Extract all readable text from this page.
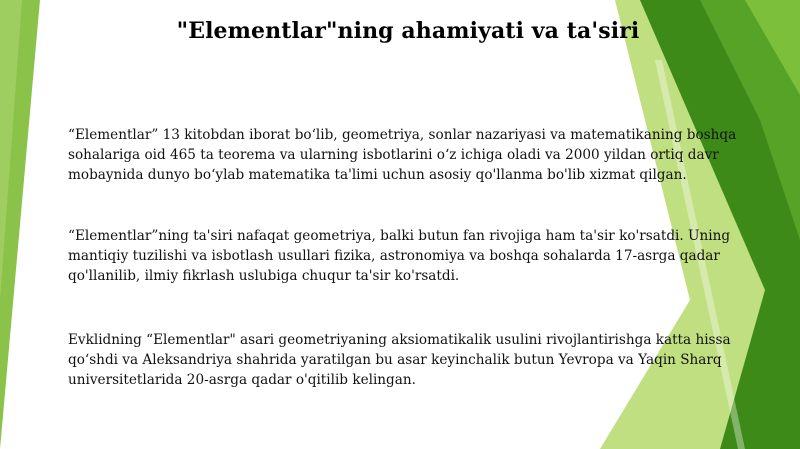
"Elementlar"ning ahamiyati va ta'siri

“Elementlar” 13 kitobdan iborat bo‘lib, geometriya, sonlar nazariyasi va matematikaning boshqa sohalariga oid 465 ta teorema va ularning isbotlarini o‘z ichiga oladi va 2000 yildan ortiq davr mobaynida dunyo bo‘ylab matematika ta'limi uchun asosiy qo'llanma bo'lib xizmat qilgan.

“Elementlar”ning ta'siri nafaqat geometriya, balki butun fan rivojiga ham ta'sir ko'rsatdi. Uning mantiqiy tuzilishi va isbotlash usullari fizika, astronomiya va boshqa sohalarda 17-asrga qadar qo'llanilib, ilmiy fikrlash uslubiga chuqur ta'sir ko'rsatdi.

Evklidning “Elementlar" asari geometriyaning aksiomatikalik usulini rivojlantirishga katta hissa qo‘shdi va Aleksandriya shahrida yaratilgan bu asar keyinchalik butun Yevropa va Yaqin Sharq universitetlarida 20-asrga qadar o'qitilib kelingan.
